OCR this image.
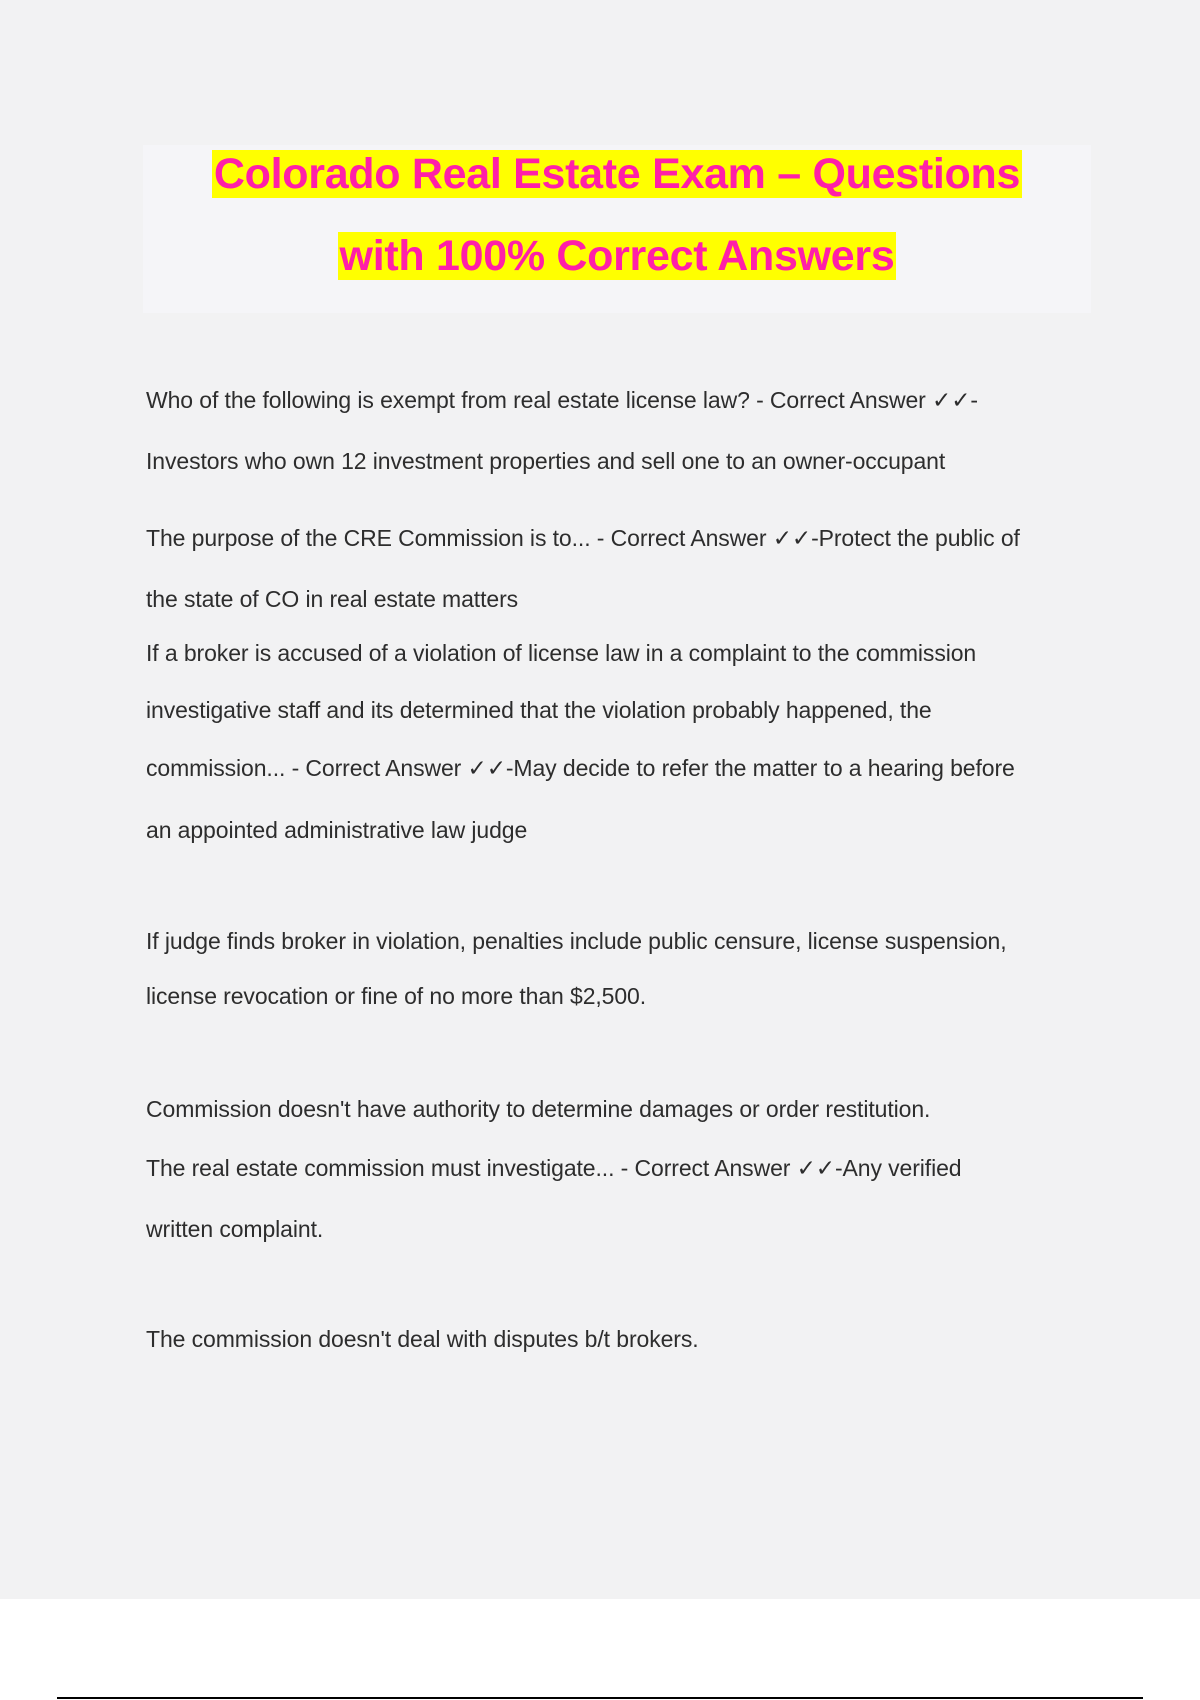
Colorado Real Estate Exam – Questions
with 100% Correct Answers
Who of the following is exempt from real estate license law? - Correct Answer ✓✓-
Investors who own 12 investment properties and sell one to an owner-occupant
The purpose of the CRE Commission is to... - Correct Answer ✓✓-Protect the public of
the state of CO in real estate matters
If a broker is accused of a violation of license law in a complaint to the commission
investigative staff and its determined that the violation probably happened, the
commission... - Correct Answer ✓✓-May decide to refer the matter to a hearing before
an appointed administrative law judge
If judge finds broker in violation, penalties include public censure, license suspension,
license revocation or fine of no more than $2,500.
Commission doesn't have authority to determine damages or order restitution.
The real estate commission must investigate... - Correct Answer ✓✓-Any verified
written complaint.
The commission doesn't deal with disputes b/t brokers.
